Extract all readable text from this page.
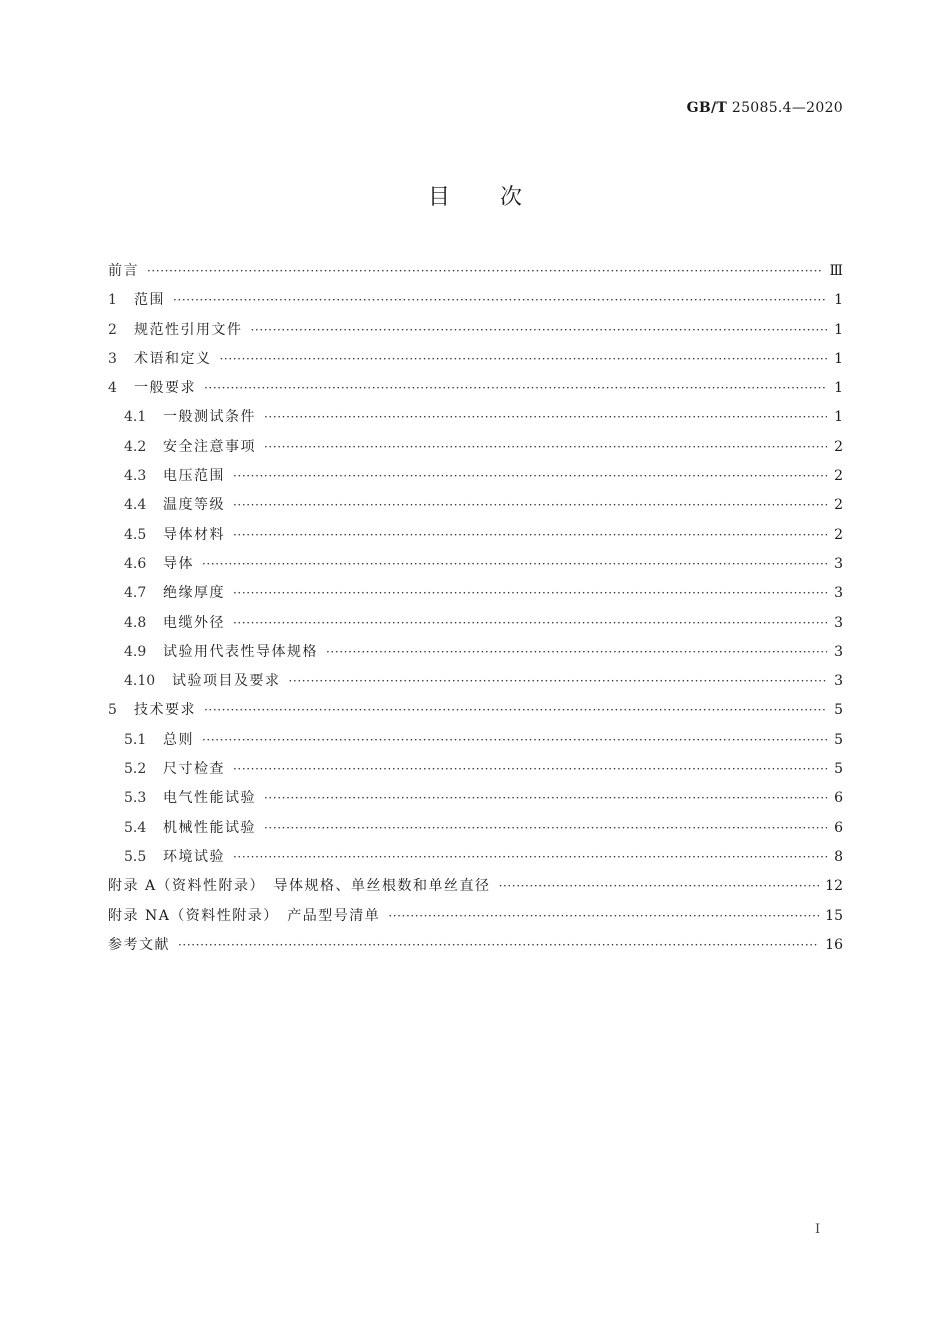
GB/T 25085.4—2020
目 次
前言 ·····	Ⅲ
1	范围 ·····	1
2	规范性引用文件 ·····	1
3	术语和定义 ·····	1
4	一般要求 ·····	1
4.1	一般测试条件 ·····	1
4.2	安全注意事项 ·····	2
4.3	电压范围 ·····	2
4.4	温度等级 ·····	2
4.5	导体材料 ·····	2
4.6	导体 ·····	3
4.7	绝缘厚度 ·····	3
4.8	电缆外径 ·····	3
4.9	试验用代表性导体规格 ·····	3
4.10	试验项目及要求 ·····	3
5	技术要求 ·····	5
5.1	总则 ·····	5
5.2	尺寸检查 ·····	5
5.3	电气性能试验 ·····	6
5.4	机械性能试验 ·····	6
5.5	环境试验 ·····	8
附录 A（资料性附录）　导体规格、单丝根数和单丝直径 ·····	12
附录 NA（资料性附录）　产品型号清单 ·····	15
参考文献 ·····	16
I
